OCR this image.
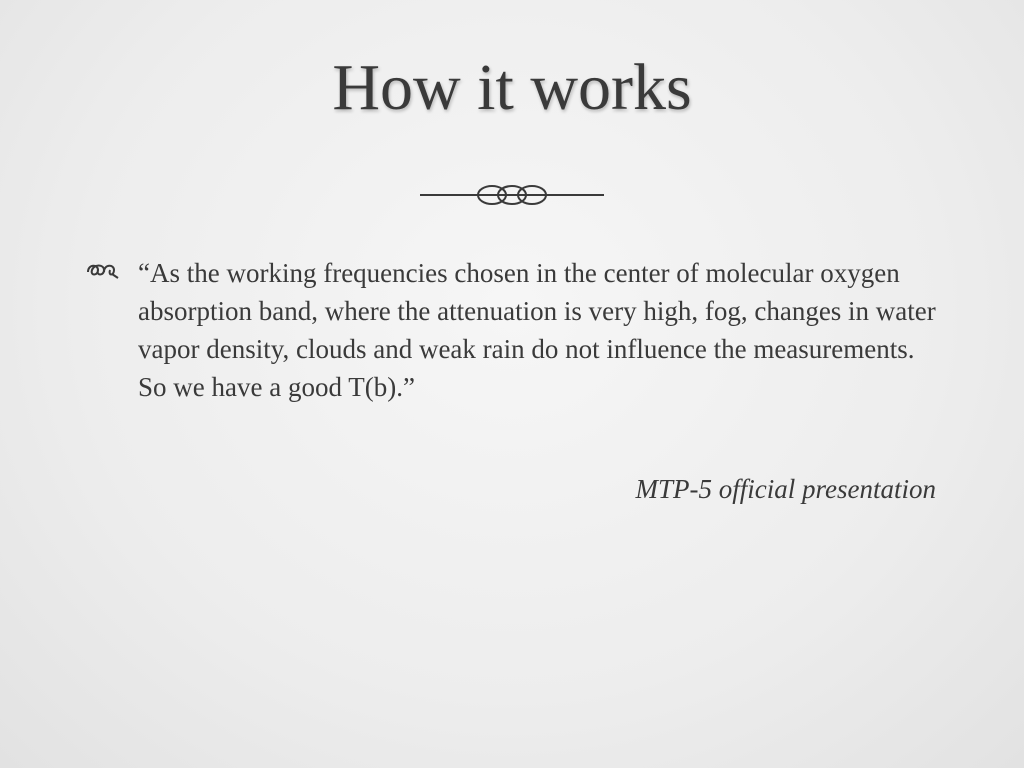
How it works

“As the working frequencies chosen in the center of molecular oxygen absorption band, where the attenuation is very high, fog, changes in water vapor density, clouds and weak rain do not influence the measurements. So we have a good T(b).”

MTP-5 official presentation
